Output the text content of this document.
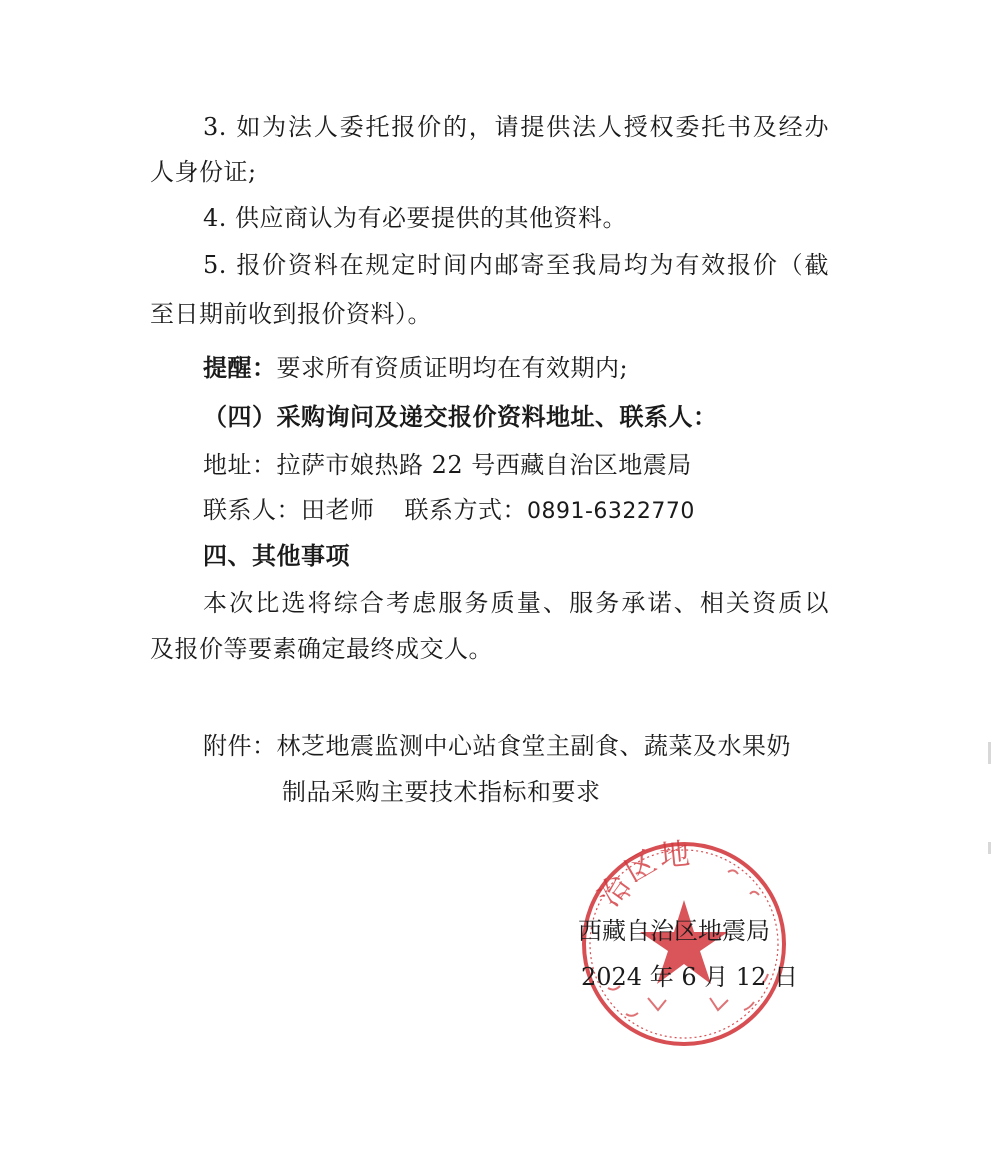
3. 如为法人委托报价的，请提供法人授权委托书及经办
人身份证;
4. 供应商认为有必要提供的其他资料。
5. 报价资料在规定时间内邮寄至我局均为有效报价（截
至日期前收到报价资料）。
提醒：要求所有资质证明均在有效期内;
（四）采购询问及递交报价资料地址、联系人：
地址：拉萨市娘热路 22 号西藏自治区地震局
联系人：田老师 联系方式：0891-6322770
四、其他事项
本次比选将综合考虑服务质量、服务承诺、相关资质以
及报价等要素确定最终成交人。
附件：林芝地震监测中心站食堂主副食、蔬菜及水果奶
制品采购主要技术指标和要求
治区地
西藏自治区地震局
2024 年 6 月 12 日
